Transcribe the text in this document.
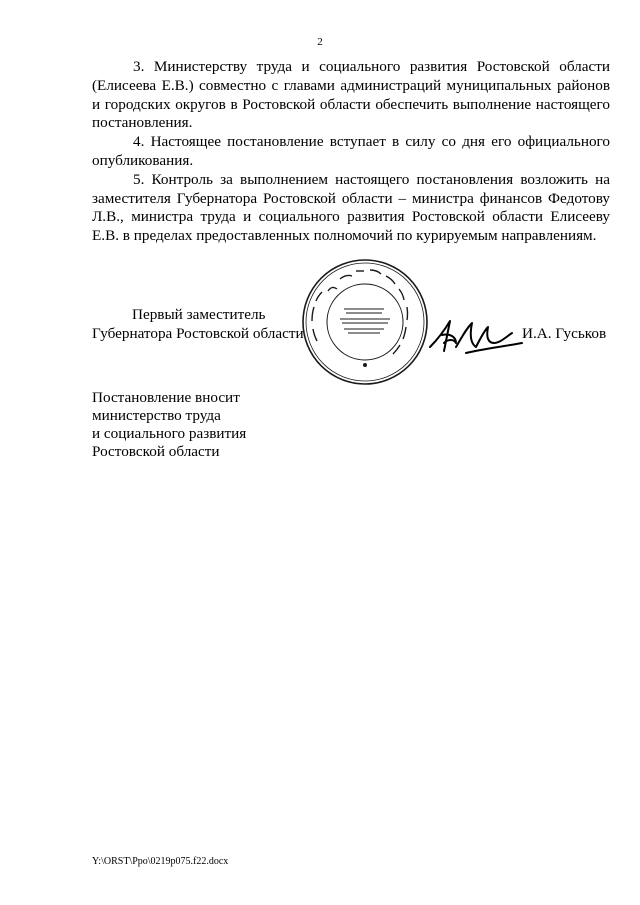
2

3. Министерству труда и социального развития Ростовской области (Елисеева Е.В.) совместно с главами администраций муниципальных районов и городских округов в Ростовской области обеспечить выполнение настоящего постановления.

4. Настоящее постановление вступает в силу со дня его официального опубликования.

5. Контроль за выполнением настоящего постановления возложить на заместителя Губернатора Ростовской области – министра финансов Федотову Л.В., министра труда и социального развития Ростовской области Елисееву Е.В. в пределах предоставленных полномочий по курируемым направлениям.

Первый заместитель
Губернатора Ростовской области	И.А. Гуськов
Постановление вносит
министерство труда
и социального развития
Ростовской области
Y:\ORST\Ppo\0219p075.f22.docx
